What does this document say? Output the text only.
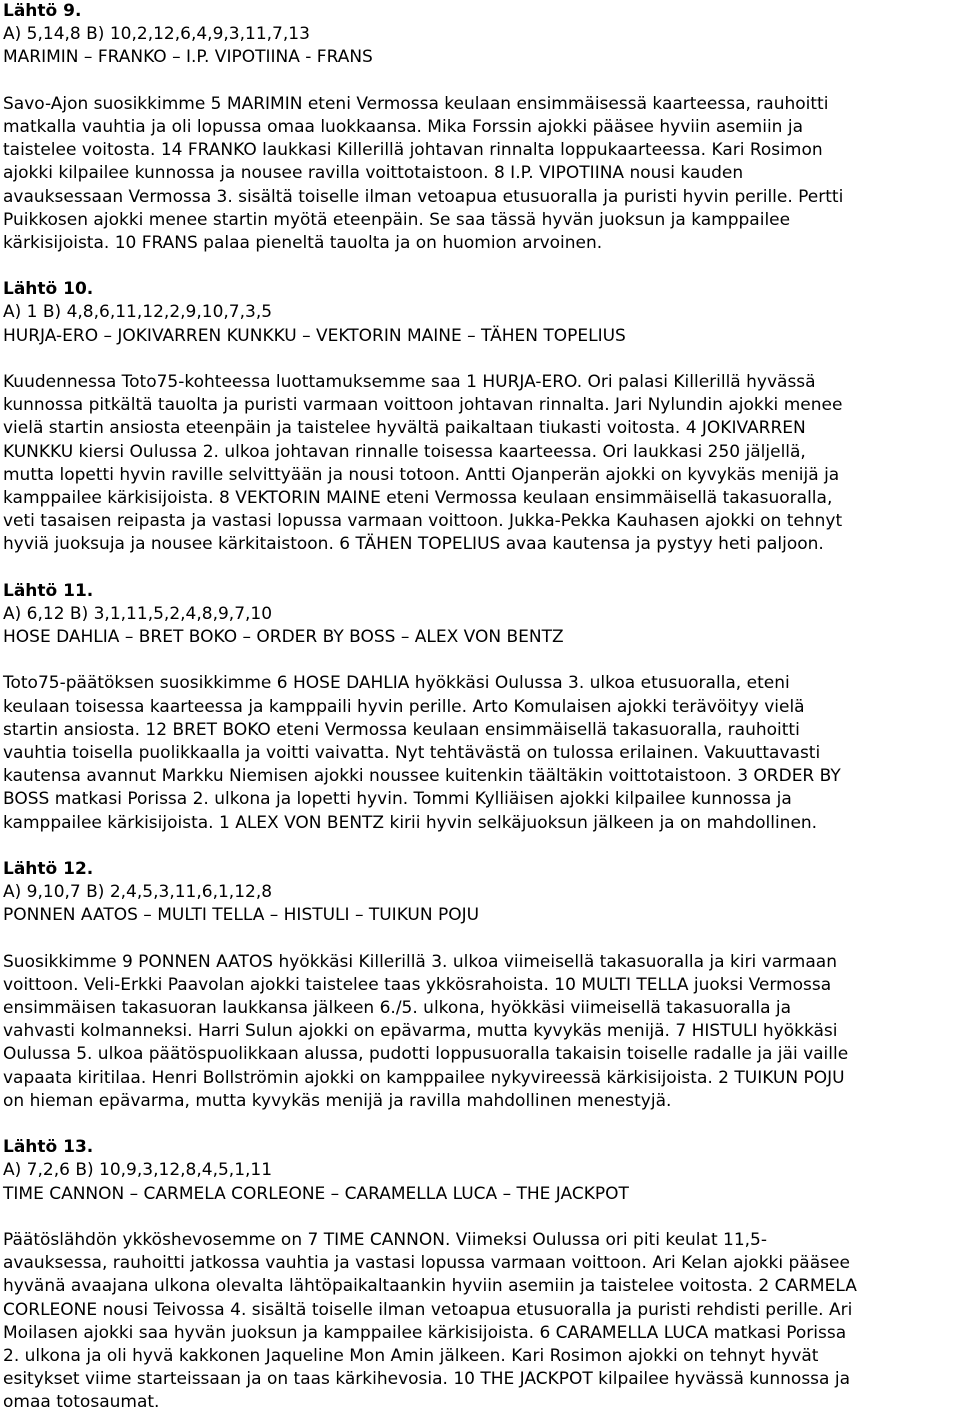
Lähtö 9.
A) 5,14,8 B) 10,2,12,6,4,9,3,11,7,13
MARIMIN – FRANKO – I.P. VIPOTIINA - FRANS
Savo-Ajon suosikkimme 5 MARIMIN eteni Vermossa keulaan ensimmäisessä kaarteessa, rauhoitti
matkalla vauhtia ja oli lopussa omaa luokkaansa. Mika Forssin ajokki pääsee hyviin asemiin ja
taistelee voitosta. 14 FRANKO laukkasi Killerillä johtavan rinnalta loppukaarteessa. Kari Rosimon
ajokki kilpailee kunnossa ja nousee ravilla voittotaistoon. 8 I.P. VIPOTIINA nousi kauden
avauksessaan Vermossa 3. sisältä toiselle ilman vetoapua etusuoralla ja puristi hyvin perille. Pertti
Puikkosen ajokki menee startin myötä eteenpäin. Se saa tässä hyvän juoksun ja kamppailee
kärkisijoista. 10 FRANS palaa pieneltä tauolta ja on huomion arvoinen.
Lähtö 10.
A) 1 B) 4,8,6,11,12,2,9,10,7,3,5
HURJA-ERO – JOKIVARREN KUNKKU – VEKTORIN MAINE – TÄHEN TOPELIUS
Kuudennessa Toto75-kohteessa luottamuksemme saa 1 HURJA-ERO. Ori palasi Killerillä hyvässä
kunnossa pitkältä tauolta ja puristi varmaan voittoon johtavan rinnalta. Jari Nylundin ajokki menee
vielä startin ansiosta eteenpäin ja taistelee hyvältä paikaltaan tiukasti voitosta. 4 JOKIVARREN
KUNKKU kiersi Oulussa 2. ulkoa johtavan rinnalle toisessa kaarteessa. Ori laukkasi 250 jäljellä,
mutta lopetti hyvin raville selvittyään ja nousi totoon. Antti Ojanperän ajokki on kyvykäs menijä ja
kamppailee kärkisijoista. 8 VEKTORIN MAINE eteni Vermossa keulaan ensimmäisellä takasuoralla,
veti tasaisen reipasta ja vastasi lopussa varmaan voittoon. Jukka-Pekka Kauhasen ajokki on tehnyt
hyviä juoksuja ja nousee kärkitaistoon. 6 TÄHEN TOPELIUS avaa kautensa ja pystyy heti paljoon.
Lähtö 11.
A) 6,12 B) 3,1,11,5,2,4,8,9,7,10
HOSE DAHLIA – BRET BOKO – ORDER BY BOSS – ALEX VON BENTZ
Toto75-päätöksen suosikkimme 6 HOSE DAHLIA hyökkäsi Oulussa 3. ulkoa etusuoralla, eteni
keulaan toisessa kaarteessa ja kamppaili hyvin perille. Arto Komulaisen ajokki terävöityy vielä
startin ansiosta. 12 BRET BOKO eteni Vermossa keulaan ensimmäisellä takasuoralla, rauhoitti
vauhtia toisella puolikkaalla ja voitti vaivatta. Nyt tehtävästä on tulossa erilainen. Vakuuttavasti
kautensa avannut Markku Niemisen ajokki noussee kuitenkin täältäkin voittotaistoon. 3 ORDER BY
BOSS matkasi Porissa 2. ulkona ja lopetti hyvin. Tommi Kylliäisen ajokki kilpailee kunnossa ja
kamppailee kärkisijoista. 1 ALEX VON BENTZ kirii hyvin selkäjuoksun jälkeen ja on mahdollinen.
Lähtö 12.
A) 9,10,7 B) 2,4,5,3,11,6,1,12,8
PONNEN AATOS – MULTI TELLA – HISTULI – TUIKUN POJU
Suosikkimme 9 PONNEN AATOS hyökkäsi Killerillä 3. ulkoa viimeisellä takasuoralla ja kiri varmaan
voittoon. Veli-Erkki Paavolan ajokki taistelee taas ykkösrahoista. 10 MULTI TELLA juoksi Vermossa
ensimmäisen takasuoran laukkansa jälkeen 6./5. ulkona, hyökkäsi viimeisellä takasuoralla ja
vahvasti kolmanneksi. Harri Sulun ajokki on epävarma, mutta kyvykäs menijä. 7 HISTULI hyökkäsi
Oulussa 5. ulkoa päätöspuolikkaan alussa, pudotti loppusuoralla takaisin toiselle radalle ja jäi vaille
vapaata kiritilaa. Henri Bollströmin ajokki on kamppailee nykyvireessä kärkisijoista. 2 TUIKUN POJU
on hieman epävarma, mutta kyvykäs menijä ja ravilla mahdollinen menestyjä.
Lähtö 13.
A) 7,2,6 B) 10,9,3,12,8,4,5,1,11
TIME CANNON – CARMELA CORLEONE – CARAMELLA LUCA – THE JACKPOT
Päätöslähdön ykköshevosemme on 7 TIME CANNON. Viimeksi Oulussa ori piti keulat 11,5-
avauksessa, rauhoitti jatkossa vauhtia ja vastasi lopussa varmaan voittoon. Ari Kelan ajokki pääsee
hyvänä avaajana ulkona olevalta lähtöpaikaltaankin hyviin asemiin ja taistelee voitosta. 2 CARMELA
CORLEONE nousi Teivossa 4. sisältä toiselle ilman vetoapua etusuoralla ja puristi rehdisti perille. Ari
Moilasen ajokki saa hyvän juoksun ja kamppailee kärkisijoista. 6 CARAMELLA LUCA matkasi Porissa
2. ulkona ja oli hyvä kakkonen Jaqueline Mon Amin jälkeen. Kari Rosimon ajokki on tehnyt hyvät
esitykset viime starteissaan ja on taas kärkihevosia. 10 THE JACKPOT kilpailee hyvässä kunnossa ja
omaa totosaumat.
